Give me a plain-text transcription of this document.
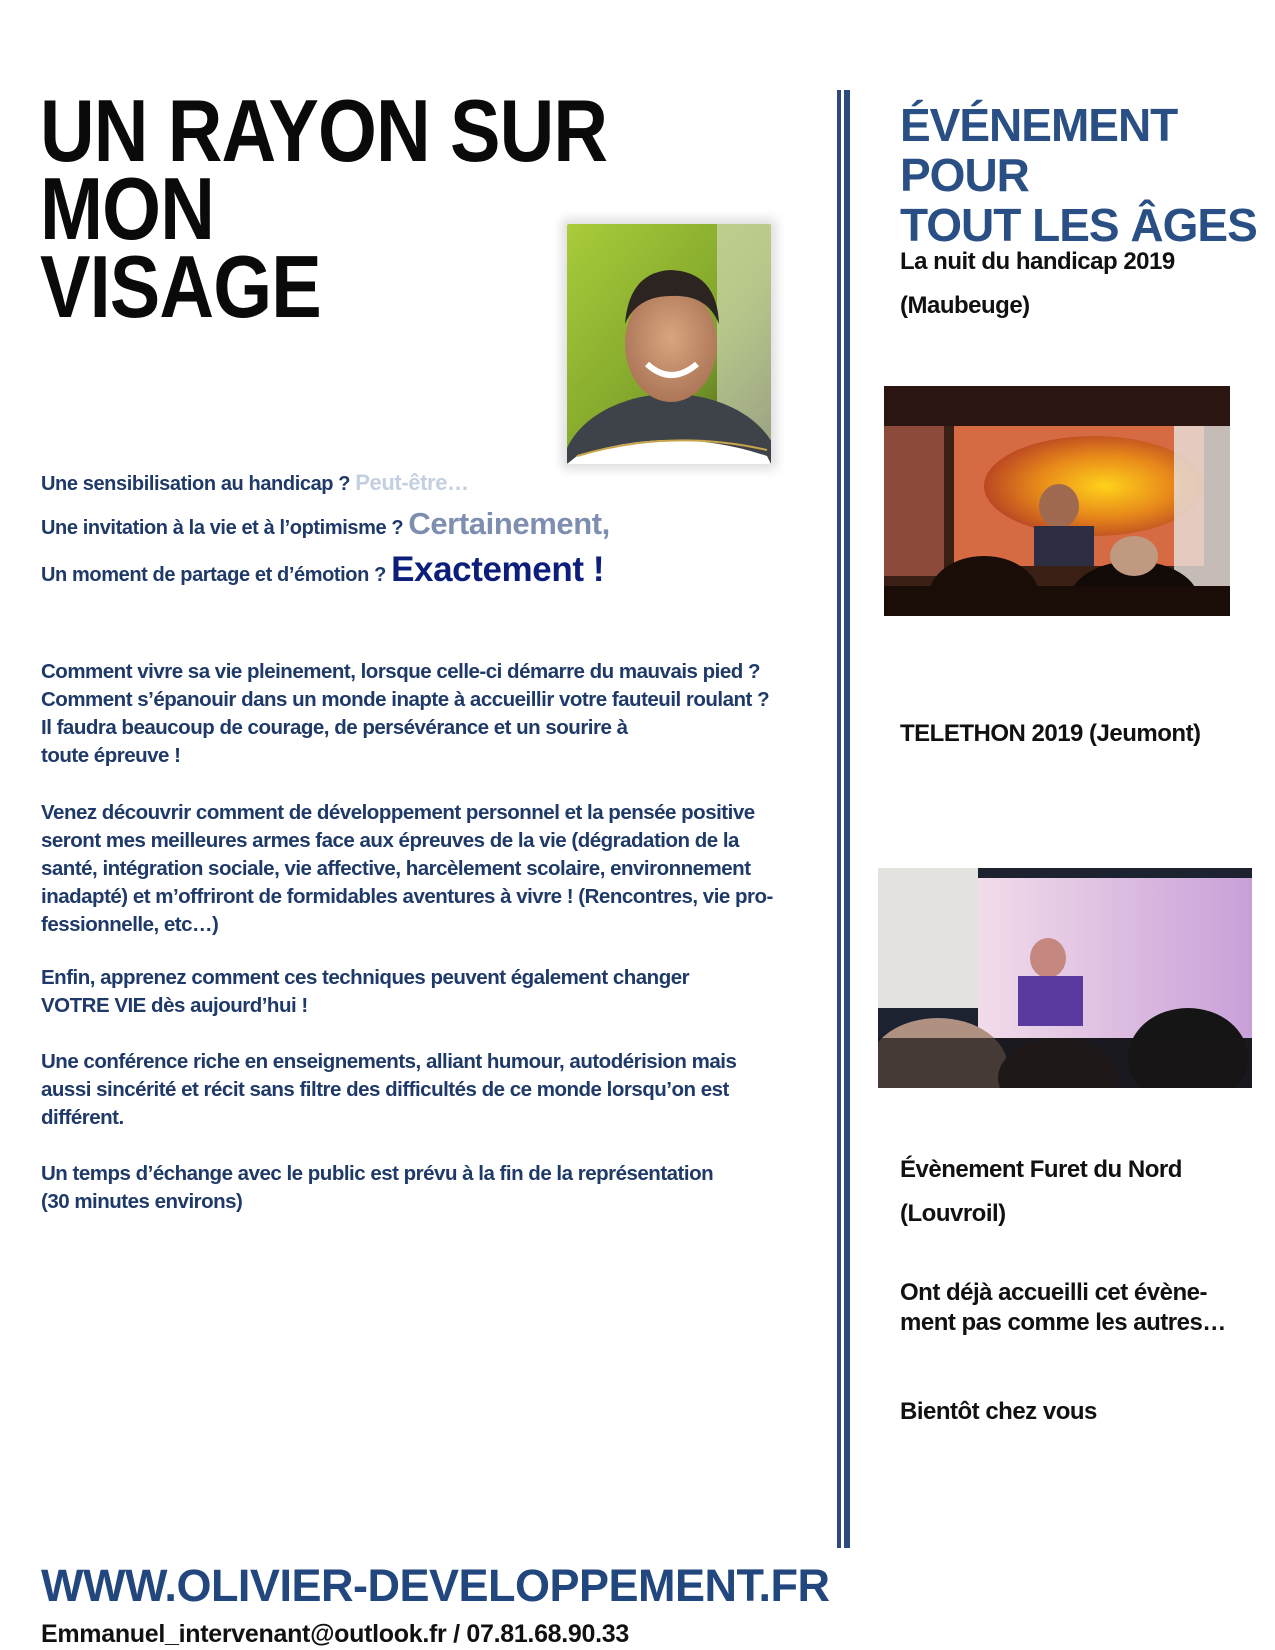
UN RAYON SUR MON
VISAGE
Une sensibilisation au handicap ? Peut-être…
Une invitation à la vie et à l’optimisme ? Certainement,
Un moment de partage et d’émotion ? Exactement !

Comment vivre sa vie pleinement, lorsque celle-ci démarre du mauvais pied ?
Comment s’épanouir dans un monde inapte à accueillir votre fauteuil roulant ?
Il faudra beaucoup de courage, de persévérance et un sourire à
toute épreuve !

Venez découvrir comment de développement personnel et la pensée positive
seront mes meilleures armes face aux épreuves de la vie (dégradation de la
santé, intégration sociale, vie affective, harcèlement scolaire, environnement
inadapté) et m’offriront de formidables aventures à vivre ! (Rencontres, vie pro-
fessionnelle, etc…)

Enfin, apprenez comment ces techniques peuvent également changer
VOTRE VIE dès aujourd’hui !

Une conférence riche en enseignements, alliant humour, autodérision mais
aussi sincérité et récit sans filtre des difficultés de ce monde lorsqu’on est
différent.

Un temps d’échange avec le public est prévu à la fin de la représentation
(30 minutes environs)

ÉVÉNEMENT POUR
TOUT LES ÂGES

La nuit du handicap 2019
(Maubeuge)

TELETHON 2019 (Jeumont)

Évènement Furet du Nord
(Louvroil)

Ont déjà accueilli cet évène-
ment pas comme les autres…

Bientôt chez vous

WWW.OLIVIER-DEVELOPPEMENT.FR
Emmanuel_intervenant@outlook.fr / 07.81.68.90.33
